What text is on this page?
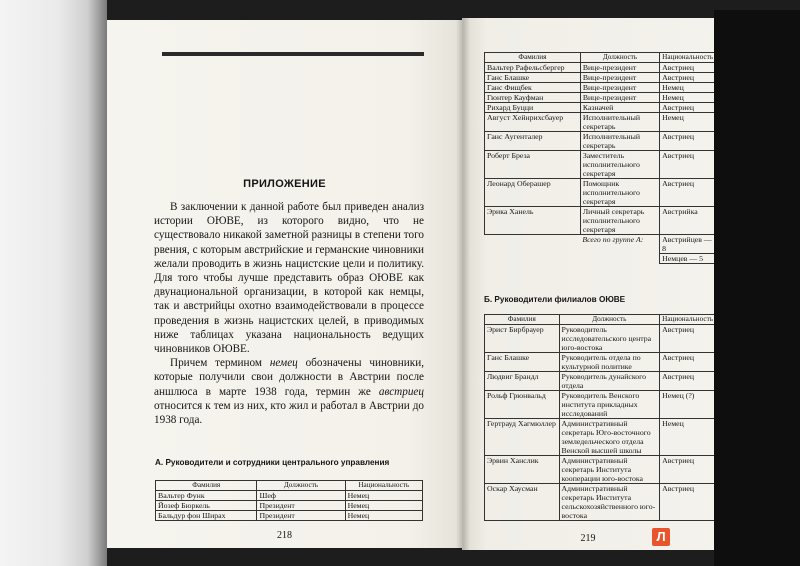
ПРИЛОЖЕНИЕ

В заключении к данной работе был приведен анализ истории ОЮВЕ, из которого видно, что не существовало никакой заметной разницы в степени того рвения, с которым австрийские и германские чиновники желали проводить в жизнь нацистские цели и политику. Для того чтобы лучше представить образ ОЮВЕ как двунациональной организации, в которой как немцы, так и австрийцы охотно взаимодействовали в процессе проведения в жизнь нацистских целей, в приводимых ниже таблицах указана национальность ведущих чиновников ОЮВЕ.

Причем термином немец обозначены чиновники, которые получили свои должности в Австрии после аншлюса в марте 1938 года, термин же австриец относится к тем из них, кто жил и работал в Австрии до 1938 года.

А. Руководители и сотрудники центрального управления
Фамилия	Должность	Национальность
Вальтер Функ	Шеф	Немец
Йозеф Бюркель	Президент	Немец
Бальдур фон Ширах	Президент	Немец
218
Фамилия	Должность	Национальность
Вальтер Рафельсбергер	Вице-президент	Австриец
Ганс Блашке	Вице-президент	Австриец
Ганс Фищбек	Вице-президент	Немец
Гюнтер Кауфман	Вице-президент	Немец
Рихард Буцци	Казначей	Австриец
Август Хейнрихсбауер	Исполнительный секретарь	Немец
Ганс Аугенталер	Исполнительный секретарь	Австриец
Роберт Бреза	Заместитель исполнительного секретаря	Австриец
Леонард Оберашер	Помощник исполнительного секретаря	Австриец
Эрика Ханель	Личный секретарь исполнительного секретаря	Австрийка
	Всего по группе А:	Австрийцев — 8
Немцев — 5
Б. Руководители филиалов ОЮВЕ
Фамилия	Должность	Национальность
Эрист Бирбрауер	Руководитель исследовательского центра юго-востока	Австриец
Ганс Блашке	Руководитель отдела по культурной политике	Австриец
Людвиг Брандл	Руководитель дунайского отдела	Австриец
Рольф Грюнвальд	Руководитель Венского института прикладных исследований	Немец (?)
Гертрауд Хагмюллер	Административный секретарь Юго-восточного земледельческого отдела Венской высшей школы	Немец
Эрвин Ханслик	Административный секретарь Института кооперации юго-востока	Австриец
Оскар Хаусман	Административный секретарь Института сельскохозяйственного юго-востока	Австриец
219	Л
